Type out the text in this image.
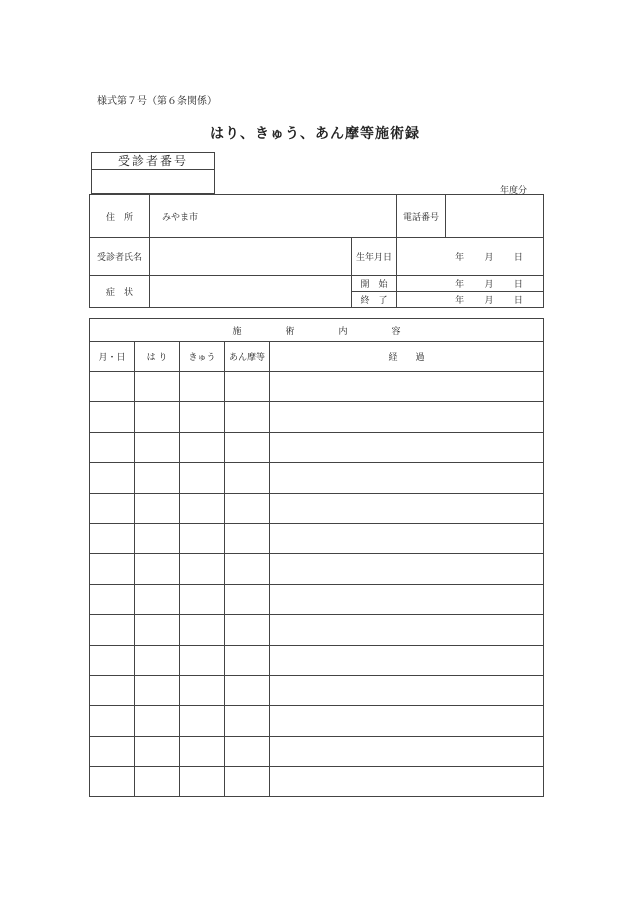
様式第７号（第６条関係）
はり、きゅう、あん摩等施術録
受診者番号
年度分
住　所	みやま市		電話番号	
受診者氏名		生年月日	年 月 日	

症　状		開　始	年 月 日	

		終　了	年 月 日	
施 術 内 容				
月・日	は り	きゅう	あん摩等	経　　過
